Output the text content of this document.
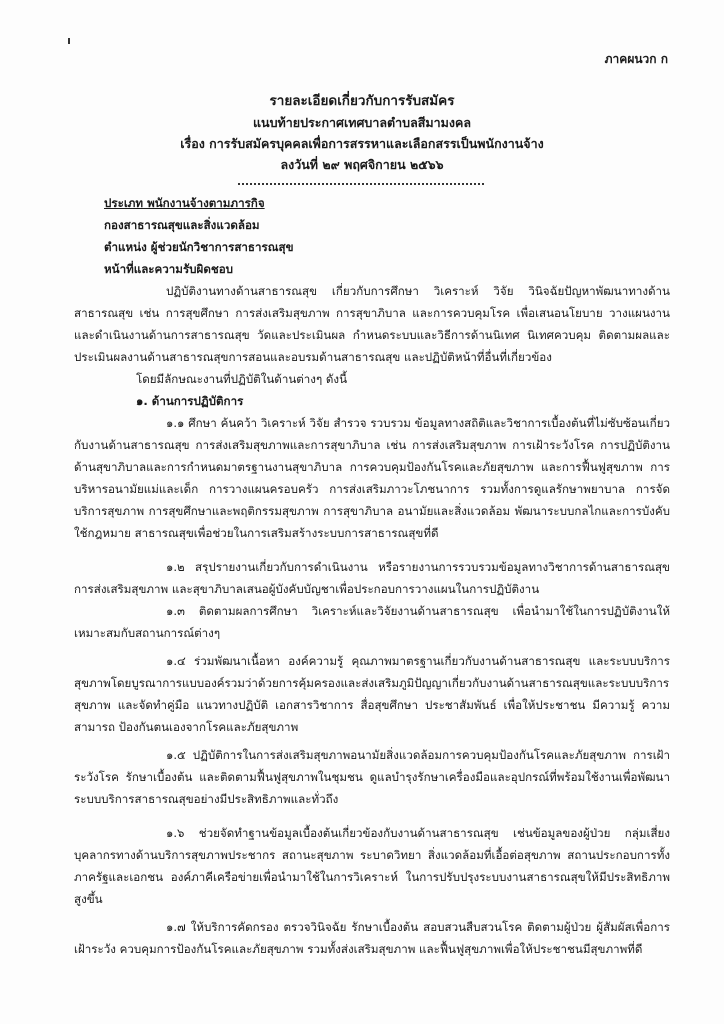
ภาคผนวก ก
รายละเอียดเกี่ยวกับการรับสมัคร
แนบท้ายประกาศเทศบาลตำบลสีมามงคล
เรื่อง การรับสมัครบุคคลเพื่อการสรรหาและเลือกสรรเป็นพนักงานจ้าง
ลงวันที่ ๒๙ พฤศจิกายน ๒๕๖๖

ประเภท พนักงานจ้างตามภารกิจ

กองสาธารณสุขและสิ่งแวดล้อม

ตำแหน่ง ผู้ช่วยนักวิชาการสาธารณสุข

หน้าที่และความรับผิดชอบ

ปฏิบัติงานทางด้านสาธารณสุข เกี่ยวกับการศึกษา วิเคราะห์ วิจัย วินิจฉัยปัญหาพัฒนาทางด้านสาธารณสุข เช่น การสุขศึกษา การส่งเสริมสุขภาพ การสุขาภิบาล และการควบคุมโรค เพื่อเสนอนโยบาย วางแผนงาน และดำเนินงานด้านการสาธารณสุข วัดและประเมินผล กำหนดระบบและวิธีการด้านนิเทศ นิเทศควบคุม ติดตามผลและประเมินผลงานด้านสาธารณสุขการสอนและอบรมด้านสาธารณสุข และปฏิบัติหน้าที่อื่นที่เกี่ยวข้อง

โดยมีลักษณะงานที่ปฏิบัติในด้านต่างๆ ดังนี้

๑. ด้านการปฏิบัติการ

๑.๑ ศึกษา ค้นคว้า วิเคราะห์ วิจัย สำรวจ รวบรวม ข้อมูลทางสถิติและวิชาการเบื้องต้นที่ไม่ซับซ้อนเกี่ยวกับงานด้านสาธารณสุข การส่งเสริมสุขภาพและการสุขาภิบาล เช่น การส่งเสริมสุขภาพ การเฝ้าระวังโรค การปฏิบัติงานด้านสุขาภิบาลและการกำหนดมาตรฐานงานสุขาภิบาล การควบคุมป้องกันโรคและภัยสุขภาพ และการฟื้นฟูสุขภาพ การบริหารอนามัยแม่และเด็ก การวางแผนครอบครัว การส่งเสริมภาวะโภชนาการ รวมทั้งการดูแลรักษาพยาบาล การจัดบริการสุขภาพ การสุขศึกษาและพฤติกรรมสุขภาพ การสุขาภิบาล อนามัยและสิ่งแวดล้อม พัฒนาระบบกลไกและการบังคับใช้กฎหมาย สาธารณสุขเพื่อช่วยในการเสริมสร้างระบบการสาธารณสุขที่ดี

๑.๒ สรุปรายงานเกี่ยวกับการดำเนินงาน หรือรายงานการรวบรวมข้อมูลทางวิชาการด้านสาธารณสุข การส่งเสริมสุขภาพ และสุขาภิบาลเสนอผู้บังคับบัญชาเพื่อประกอบการวางแผนในการปฏิบัติงาน

๑.๓ ติดตามผลการศึกษา วิเคราะห์และวิจัยงานด้านสาธารณสุข เพื่อนำมาใช้ในการปฏิบัติงานให้เหมาะสมกับสถานการณ์ต่างๆ

๑.๔ ร่วมพัฒนาเนื้อหา องค์ความรู้ คุณภาพมาตรฐานเกี่ยวกับงานด้านสาธารณสุข และระบบบริการสุขภาพโดยบูรณาการแบบองค์รวมว่าด้วยการคุ้มครองและส่งเสริมภูมิปัญญาเกี่ยวกับงานด้านสาธารณสุขและระบบบริการสุขภาพ และจัดทำคู่มือ แนวทางปฏิบัติ เอกสารวิชาการ สื่อสุขศึกษา ประชาสัมพันธ์ เพื่อให้ประชาชน มีความรู้ ความสามารถ ป้องกันตนเองจากโรคและภัยสุขภาพ

๑.๕ ปฏิบัติการในการส่งเสริมสุขภาพอนามัยสิ่งแวดล้อมการควบคุมป้องกันโรคและภัยสุขภาพ การเฝ้าระวังโรค รักษาเบื้องต้น และติดตามฟื้นฟูสุขภาพในชุมชน ดูแลบำรุงรักษาเครื่องมือและอุปกรณ์ที่พร้อมใช้งานเพื่อพัฒนาระบบบริการสาธารณสุขอย่างมีประสิทธิภาพและทั่วถึง

๑.๖ ช่วยจัดทำฐานข้อมูลเบื้องต้นเกี่ยวข้องกับงานด้านสาธารณสุข เช่นข้อมูลของผู้ป่วย กลุ่มเสี่ยง บุคลากรทางด้านบริการสุขภาพประชากร สถานะสุขภาพ ระบาดวิทยา สิ่งแวดล้อมที่เอื้อต่อสุขภาพ สถานประกอบการทั้งภาครัฐและเอกชน องค์ภาคีเครือข่ายเพื่อนำมาใช้ในการวิเคราะห์ ในการปรับปรุงระบบงานสาธารณสุขให้มีประสิทธิภาพสูงขึ้น

๑.๗ ให้บริการคัดกรอง ตรวจวินิจฉัย รักษาเบื้องต้น สอบสวนสืบสวนโรค ติดตามผู้ป่วย ผู้สัมผัสเพื่อการเฝ้าระวัง ควบคุมการป้องกันโรคและภัยสุขภาพ รวมทั้งส่งเสริมสุขภาพ และฟื้นฟูสุขภาพเพื่อให้ประชาชนมีสุขภาพที่ดี
